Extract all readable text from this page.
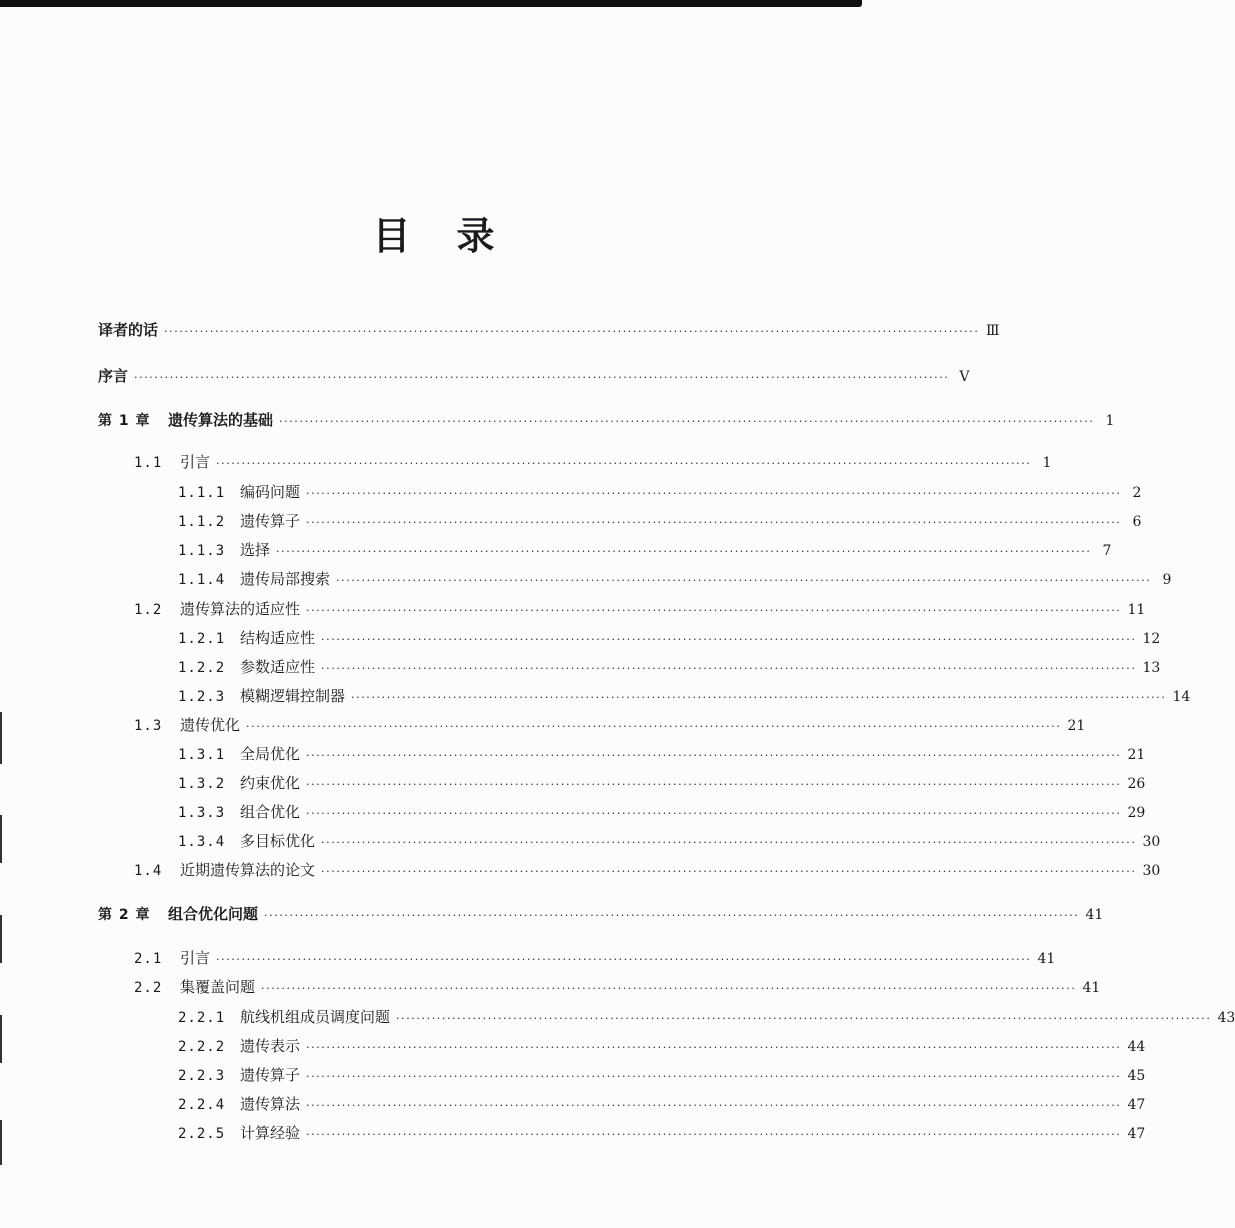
目 录
译者的话 ································································································································································ Ⅲ
序言 ································································································································································ V
第 1 章	遗传算法的基础 ································································································································································ 1
1.1	引言 ································································································································································ 1
1.1.1 编码问题 ································································································································································ 2
1.1.2 遗传算子 ································································································································································ 6
1.1.3 选择 ································································································································································ 7
1.1.4 遗传局部搜索 ································································································································································ 9
1.2	遗传算法的适应性 ································································································································································ 11
1.2.1 结构适应性 ································································································································································ 12
1.2.2 参数适应性 ································································································································································ 13
1.2.3 模糊逻辑控制器 ································································································································································ 14
1.3	遗传优化 ································································································································································ 21
1.3.1 全局优化 ································································································································································ 21
1.3.2 约束优化 ································································································································································ 26
1.3.3 组合优化 ································································································································································ 29
1.3.4 多目标优化 ································································································································································ 30
1.4	近期遗传算法的论文 ································································································································································ 30
第 2 章	组合优化问题 ································································································································································ 41
2.1	引言 ································································································································································ 41
2.2	集覆盖问题 ································································································································································ 41
2.2.1 航线机组成员调度问题 ································································································································································ 43
2.2.2 遗传表示 ································································································································································ 44
2.2.3 遗传算子 ································································································································································ 45
2.2.4 遗传算法 ································································································································································ 47
2.2.5 计算经验 ································································································································································ 47
